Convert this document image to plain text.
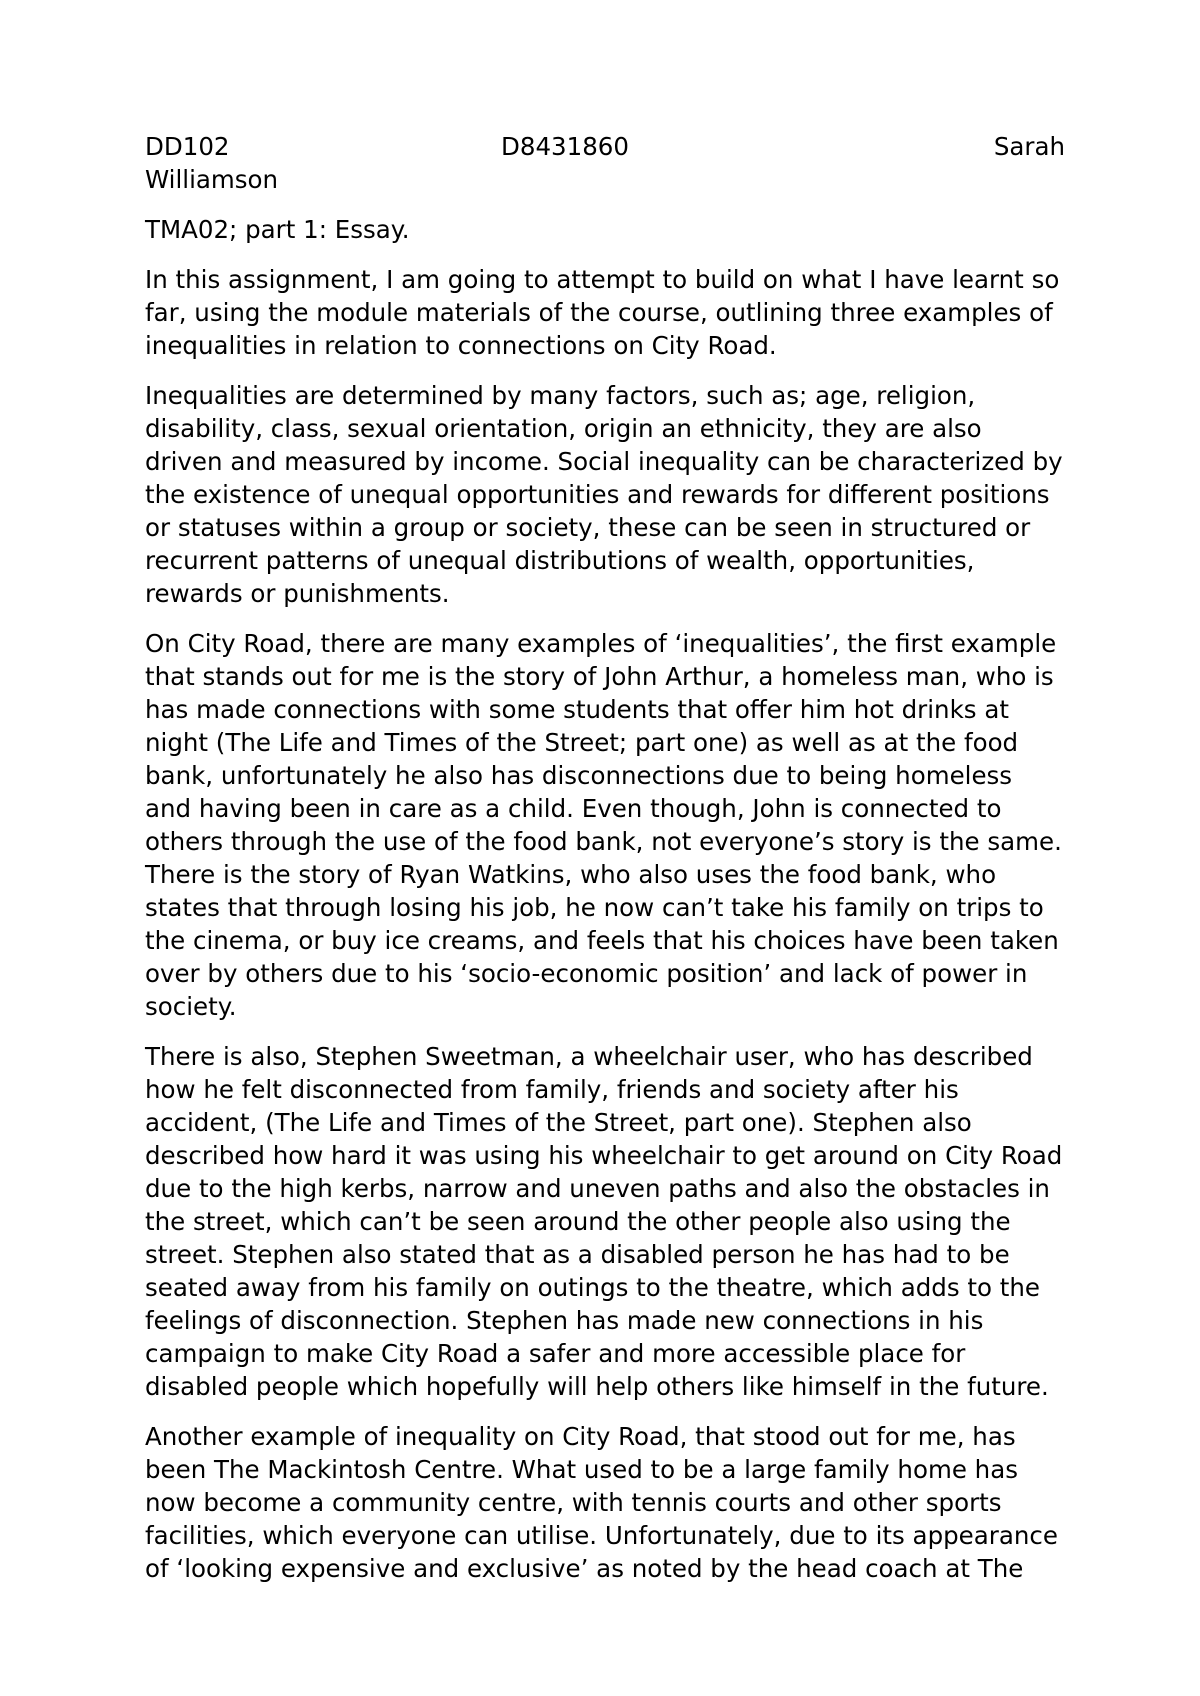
DD102	D8431860	Sarah

Williamson

TMA02; part 1: Essay.

In this assignment, I am going to attempt to build on what I have learnt so far, using the module materials of the course, outlining three examples of inequalities in relation to connections on City Road.

Inequalities are determined by many factors, such as; age, religion, disability, class, sexual orientation, origin an ethnicity, they are also driven and measured by income. Social inequality can be characterized by the existence of unequal opportunities and rewards for different positions or statuses within a group or society, these can be seen in structured or recurrent patterns of unequal distributions of wealth, opportunities, rewards or punishments.

On City Road, there are many examples of ‘inequalities’, the first example that stands out for me is the story of John Arthur, a homeless man, who is has made connections with some students that offer him hot drinks at night (The Life and Times of the Street; part one) as well as at the food bank, unfortunately he also has disconnections due to being homeless and having been in care as a child. Even though, John is connected to others through the use of the food bank, not everyone’s story is the same. There is the story of Ryan Watkins, who also uses the food bank, who states that through losing his job, he now can’t take his family on trips to the cinema, or buy ice creams, and feels that his choices have been taken over by others due to his ‘socio-economic position’ and lack of power in society.

There is also, Stephen Sweetman, a wheelchair user, who has described how he felt disconnected from family, friends and society after his accident, (The Life and Times of the Street, part one). Stephen also described how hard it was using his wheelchair to get around on City Road due to the high kerbs, narrow and uneven paths and also the obstacles in the street, which can’t be seen around the other people also using the street. Stephen also stated that as a disabled person he has had to be seated away from his family on outings to the theatre, which adds to the feelings of disconnection. Stephen has made new connections in his campaign to make City Road a safer and more accessible place for disabled people which hopefully will help others like himself in the future.

Another example of inequality on City Road, that stood out for me, has been The Mackintosh Centre. What used to be a large family home has now become a community centre, with tennis courts and other sports facilities, which everyone can utilise. Unfortunately, due to its appearance of ‘looking expensive and exclusive’ as noted by the head coach at The
